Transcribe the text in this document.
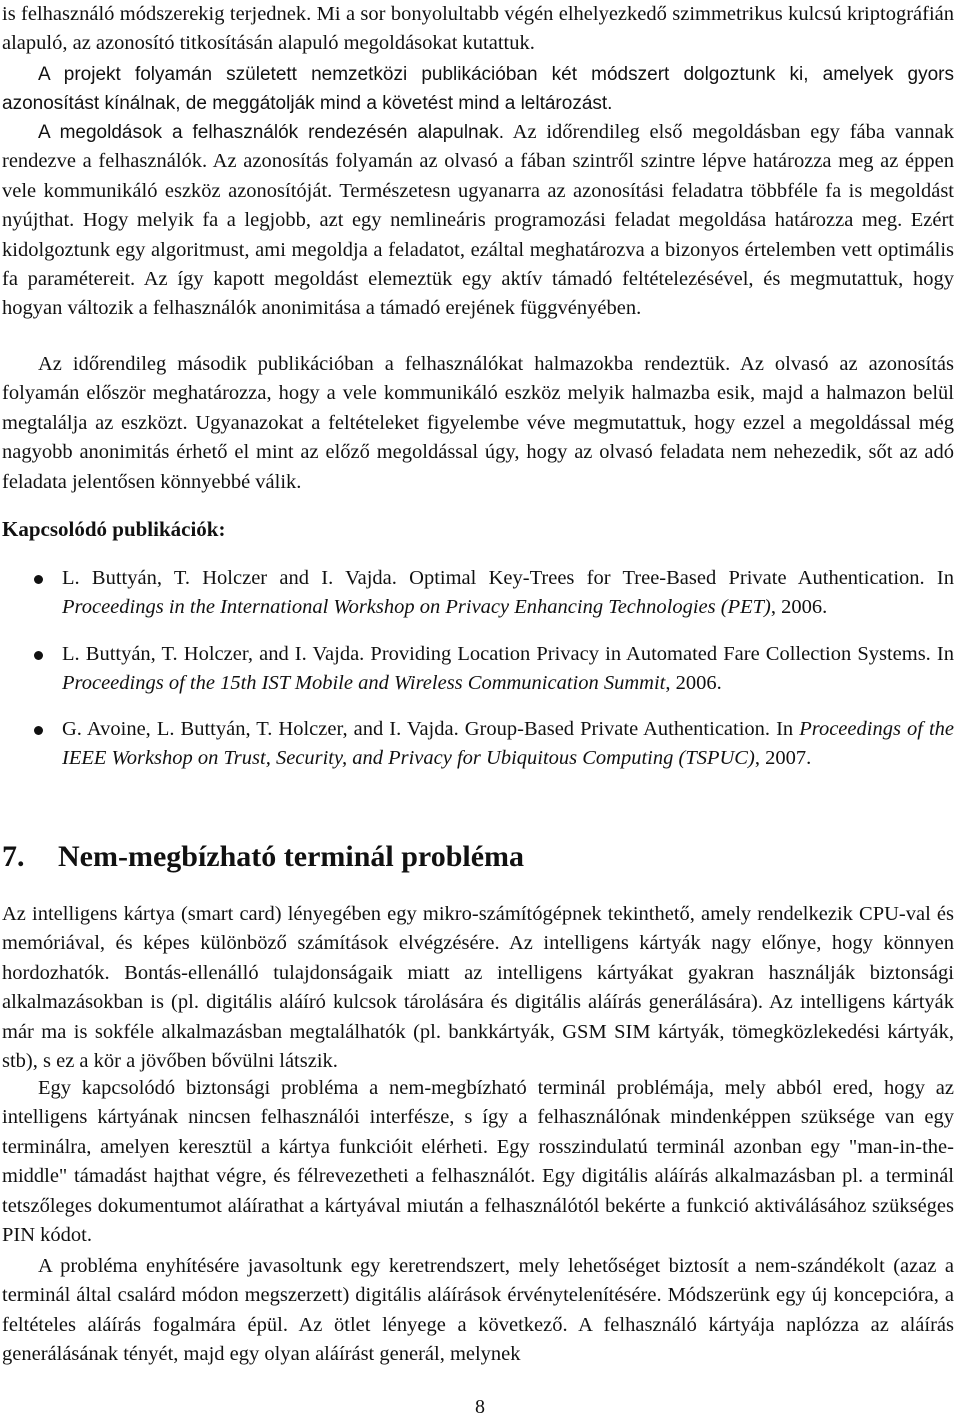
is felhasználó módszerekig terjednek. Mi a sor bonyolultabb végén elhelyezkedő szimmetrikus kulcsú kriptográfián alapuló, az azonosító titkosításán alapuló megoldásokat kutattuk.

A projekt folyamán született nemzetközi publikációban két módszert dolgoztunk ki, amelyek gyors azonosítást kínálnak, de meggátolják mind a követést mind a leltározást.

A megoldások a felhasználók rendezésén alapulnak. Az időrendileg első megoldásban egy fába vannak rendezve a felhasználók. Az azonosítás folyamán az olvasó a fában szintről szintre lépve határozza meg az éppen vele kommunikáló eszköz azonosítóját. Természetesn ugyanarra az azonosítási feladatra többféle fa is megoldást nyújthat. Hogy melyik fa a legjobb, azt egy nemlineáris programozási feladat megoldása határozza meg. Ezért kidolgoztunk egy algoritmust, ami megoldja a feladatot, ezáltal meghatározva a bizonyos értelemben vett optimális fa paramétereit. Az így kapott megoldást elemeztük egy aktív támadó feltételezésével, és megmutattuk, hogy hogyan változik a felhasználók anonimitása a támadó erejének függvényében.

Az időrendileg második publikációban a felhasználókat halmazokba rendeztük. Az olvasó az azonosítás folyamán először meghatározza, hogy a vele kommunikáló eszköz melyik halmazba esik, majd a halmazon belül megtalálja az eszközt. Ugyanazokat a feltételeket figyelembe véve megmutattuk, hogy ezzel a megoldással még nagyobb anonimitás érhető el mint az előző megoldással úgy, hogy az olvasó feladata nem nehezedik, sőt az adó feladata jelentősen könnyebbé válik.

Kapcsolódó publikációk:
L. Buttyán, T. Holczer and I. Vajda. Optimal Key-Trees for Tree-Based Private Authentication. In Proceedings in the International Workshop on Privacy Enhancing Technologies (PET), 2006.
L. Buttyán, T. Holczer, and I. Vajda. Providing Location Privacy in Automated Fare Collection Systems. In Proceedings of the 15th IST Mobile and Wireless Communication Summit, 2006.
G. Avoine, L. Buttyán, T. Holczer, and I. Vajda. Group-Based Private Authentication. In Proceedings of the IEEE Workshop on Trust, Security, and Privacy for Ubiquitous Computing (TSPUC), 2007.
7. Nem-megbízható terminál probléma

Az intelligens kártya (smart card) lényegében egy mikro-számítógépnek tekinthető, amely rendelkezik CPU-val és memóriával, és képes különböző számítások elvégzésére. Az intelligens kártyák nagy előnye, hogy könnyen hordozhatók. Bontás-ellenálló tulajdonságaik miatt az intelligens kártyákat gyakran használják biztonsági alkalmazásokban is (pl. digitális aláíró kulcsok tárolására és digitális aláírás generálására). Az intelligens kártyák már ma is sokféle alkalmazásban megtalálhatók (pl. bankkártyák, GSM SIM kártyák, tömegközlekedési kártyák, stb), s ez a kör a jövőben bővülni látszik.

Egy kapcsolódó biztonsági probléma a nem-megbízható terminál problémája, mely abból ered, hogy az intelligens kártyának nincsen felhasználói interfésze, s így a felhasználónak mindenképpen szüksége van egy terminálra, amelyen keresztül a kártya funkcióit elérheti. Egy rosszindulatú terminál azonban egy "man-in-the-middle" támadást hajthat végre, és félrevezetheti a felhasználót. Egy digitális aláírás alkalmazásban pl. a terminál tetszőleges dokumentumot aláírathat a kártyával miután a felhasználótól bekérte a funkció aktiválásához szükséges PIN kódot.

A probléma enyhítésére javasoltunk egy keretrendszert, mely lehetőséget biztosít a nem-szándékolt (azaz a terminál által csalárd módon megszerzett) digitális aláírások érvénytelenítésére. Módszerünk egy új koncepcióra, a feltételes aláírás fogalmára épül. Az ötlet lényege a következő. A felhasználó kártyája naplózza az aláírás generálásának tényét, majd egy olyan aláírást generál, melynek

8
